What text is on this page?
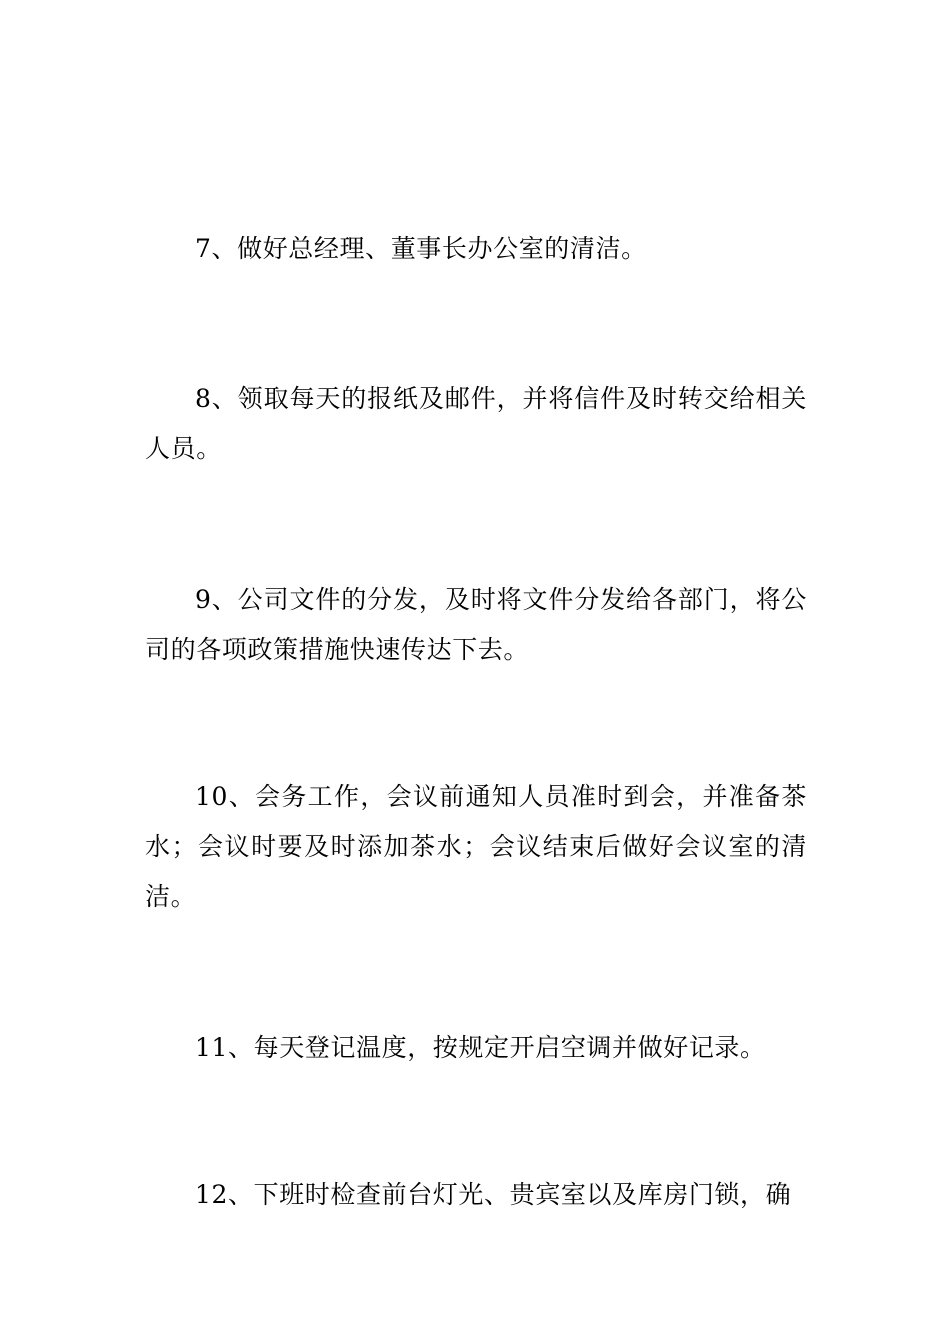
7、做好总经理、董事长办公室的清洁。

8、领取每天的报纸及邮件，并将信件及时转交给相关人员。

9、公司文件的分发，及时将文件分发给各部门，将公司的各项政策措施快速传达下去。

10、会务工作，会议前通知人员准时到会，并准备茶水；会议时要及时添加茶水；会议结束后做好会议室的清洁。

11、每天登记温度，按规定开启空调并做好记录。

12、下班时检查前台灯光、贵宾室以及库房门锁，确
